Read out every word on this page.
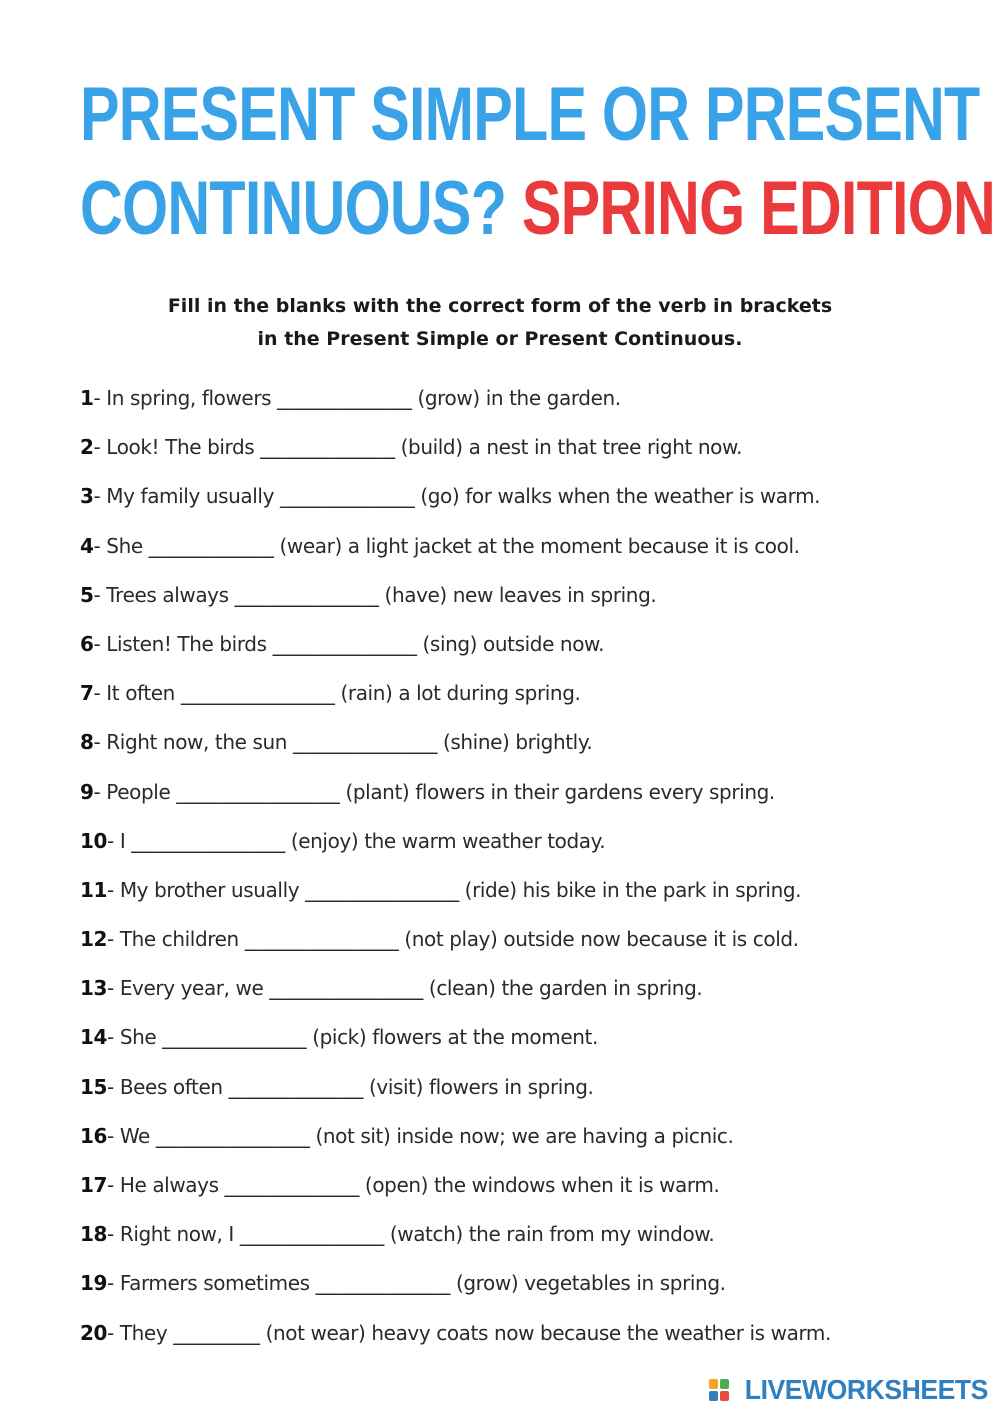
PRESENT SIMPLE OR PRESENT
CONTINUOUS? SPRING EDITION
Fill in the blanks with the correct form of the verb in brackets
in the Present Simple or Present Continuous.
1- In spring, flowers ______________ (grow) in the garden.
2- Look! The birds ______________ (build) a nest in that tree right now.
3- My family usually ______________ (go) for walks when the weather is warm.
4- She _____________ (wear) a light jacket at the moment because it is cool.
5- Trees always _______________ (have) new leaves in spring.
6- Listen! The birds _______________ (sing) outside now.
7- It often ________________ (rain) a lot during spring.
8- Right now, the sun _______________ (shine) brightly.
9- People _________________ (plant) flowers in their gardens every spring.
10- I ________________ (enjoy) the warm weather today.
11- My brother usually ________________ (ride) his bike in the park in spring.
12- The children ________________ (not play) outside now because it is cold.
13- Every year, we ________________ (clean) the garden in spring.
14- She _______________ (pick) flowers at the moment.
15- Bees often ______________ (visit) flowers in spring.
16- We ________________ (not sit) inside now; we are having a picnic.
17- He always ______________ (open) the windows when it is warm.
18- Right now, I _______________ (watch) the rain from my window.
19- Farmers sometimes ______________ (grow) vegetables in spring.
20- They _________ (not wear) heavy coats now because the weather is warm.
LIVEWORKSHEETS
